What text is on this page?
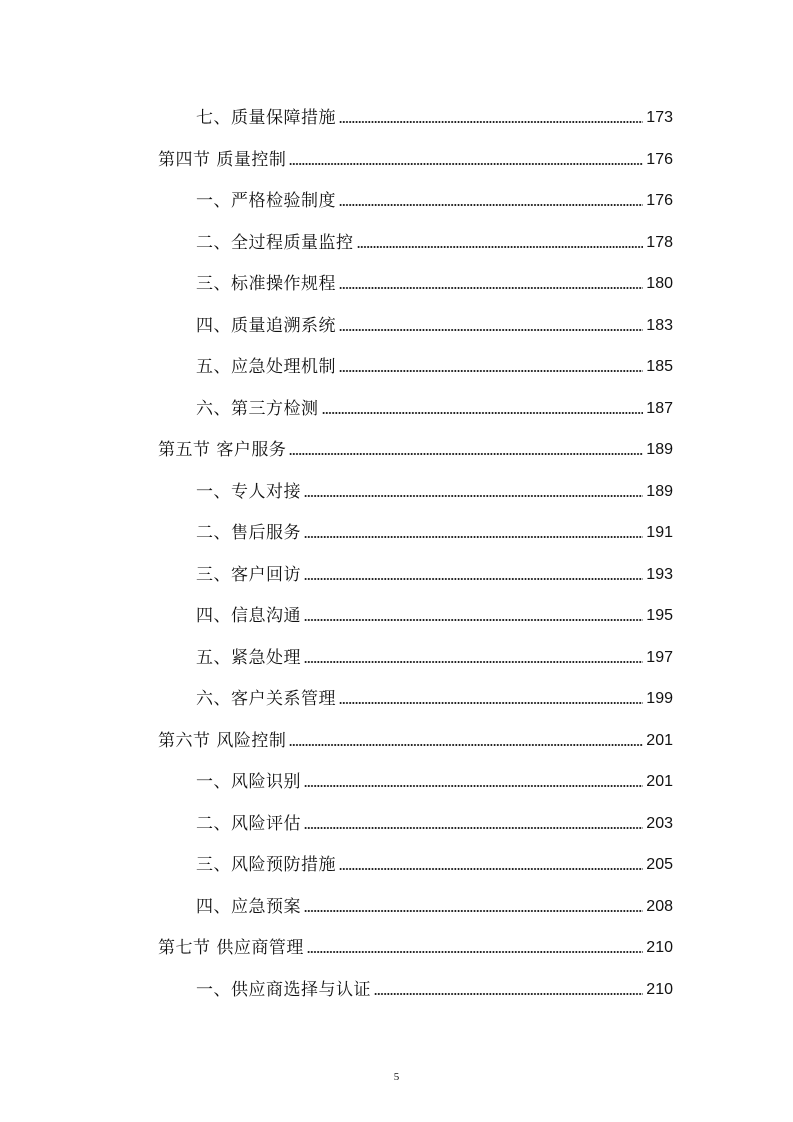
七、质量保障措施	173
第四节 质量控制	176
一、严格检验制度	176
二、全过程质量监控	178
三、标准操作规程	180
四、质量追溯系统	183
五、应急处理机制	185
六、第三方检测	187
第五节 客户服务	189
一、专人对接	189
二、售后服务	191
三、客户回访	193
四、信息沟通	195
五、紧急处理	197
六、客户关系管理	199
第六节 风险控制	201
一、风险识别	201
二、风险评估	203
三、风险预防措施	205
四、应急预案	208
第七节 供应商管理	210
一、供应商选择与认证	210
5
